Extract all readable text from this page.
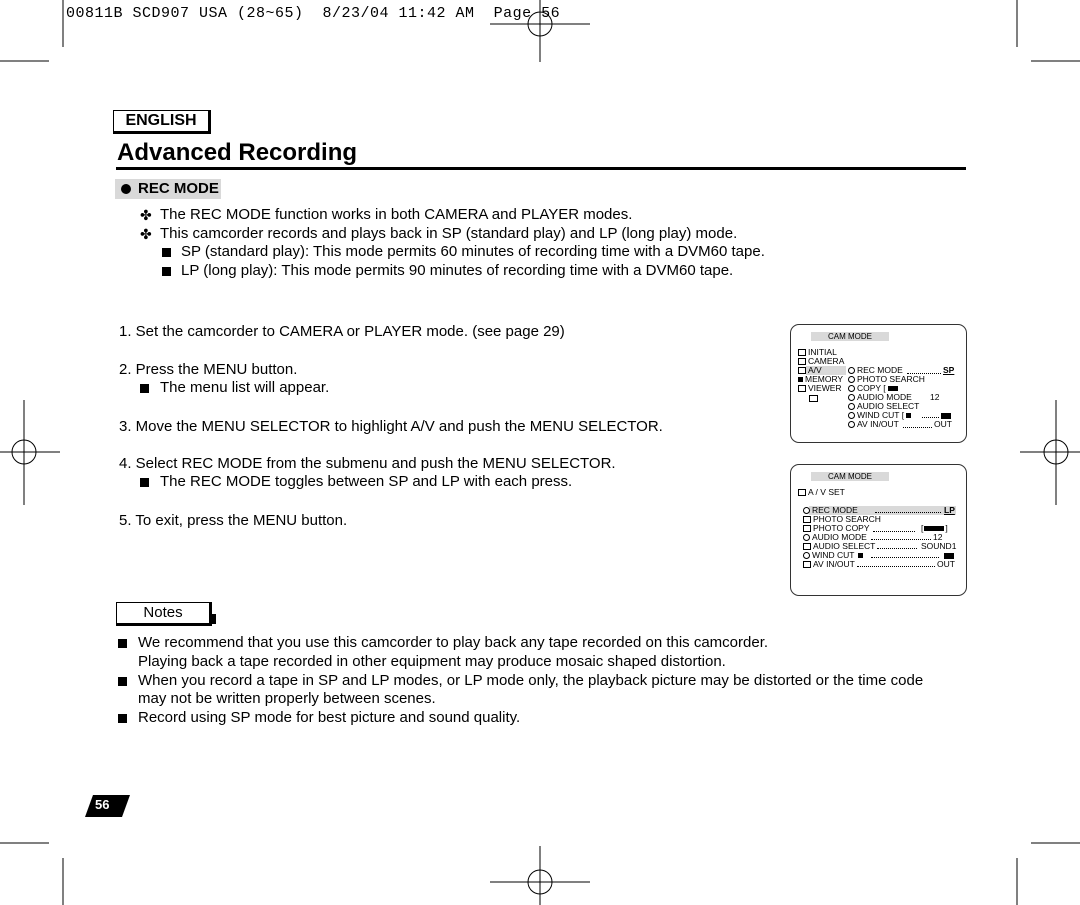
00811B SCD907 USA (28~65)  8/23/04 11:42 AM  Page 56
ENGLISH
Advanced Recording
REC MODE
✤ The REC MODE function works in both CAMERA and PLAYER modes.
✤ This camcorder records and plays back in SP (standard play) and LP (long play) mode.
SP (standard play): This mode permits 60 minutes of recording time with a DVM60 tape.
LP (long play): This mode permits 90 minutes of recording time with a DVM60 tape.
1. Set the camcorder to CAMERA or PLAYER mode. (see page 29)
2. Press the MENU button.
The menu list will appear.
3. Move the MENU SELECTOR to highlight A/V and push the MENU SELECTOR.
4. Select REC MODE from the submenu and push the MENU SELECTOR.
The REC MODE toggles between SP and LP with each press.
5. To exit, press the MENU button.
CAM MODE
INITIAL
CAMERA
A/V
MEMORY
VIEWER
REC MODE	SP
PHOTO SEARCH
COPY [
AUDIO MODE 12
AUDIO SELECT
WIND CUT [
AV IN/OUT	OUT
CAM MODE
A / V SET
REC MODE	LP
PHOTO SEARCH
PHOTO COPY	[	]
AUDIO MODE	12
AUDIO SELECT	SOUND1
WIND CUT
AV IN/OUT	OUT
Notes
We recommend that you use this camcorder to play back any tape recorded on this camcorder.
Playing back a tape recorded in other equipment may produce mosaic shaped distortion.
When you record a tape in SP and LP modes, or LP mode only, the playback picture may be distorted or the time code
may not be written properly between scenes.
Record using SP mode for best picture and sound quality.
56
